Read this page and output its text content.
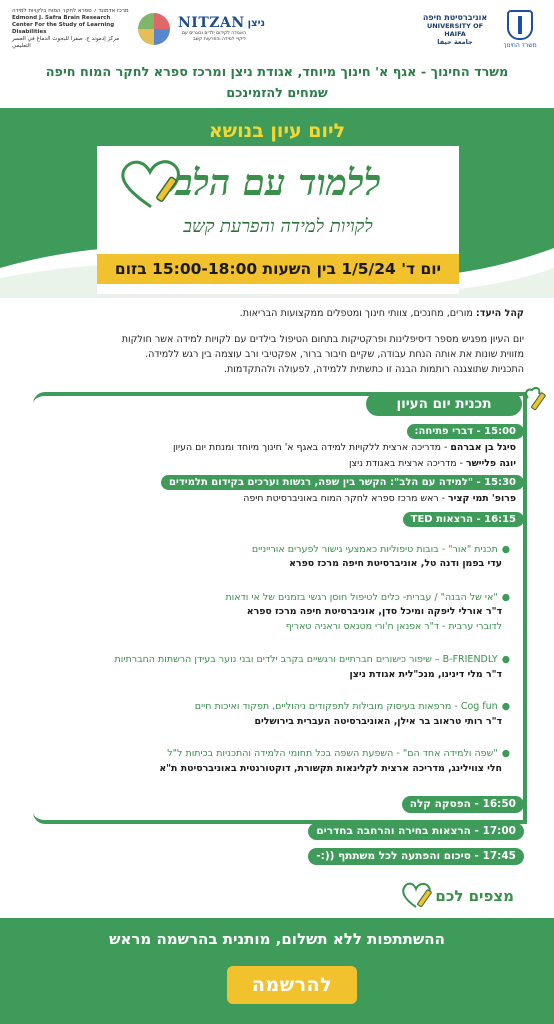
מרכז אדמונד י. ספרא לחקר המוח בלקויות למידה
Edmond J. Safra Brain Research Center For the Study of Learning Disabilities
مركز إدموند ج. صفرا للبحوث الدماغ في العسر التعليمي
NITZAN ניצן
האגודה לקידום ילדים ובוגרים עם ליקויי למידה והפרעות קשב
אוניברסיטת חיפה
UNIVERSITY OF HAIFA
جامعة حيفا	משרד החינוך
משרד החינוך - אגף א' חינוך מיוחד, אגודת ניצן ומרכז ספרא לחקר המוח חיפה
שמחים להזמינכם
ליום עיון בנושא
ללמוד עם הלב
לקויות למידה והפרעת קשב
יום ד' 1/5/24 בין השעות 15:00-18:00 בזום

קהל היעד: מורים, מחנכים, צוותי חינוך ומטפלים ממקצועות הבריאות.

יום העיון מפגיש מספר דיסיפלינות ופרקטיקות בתחום הטיפול בילדים עם לקויות למידה אשר חולקות
מזווית שונות את אותה הנחת עבודה, שקיים חיבור ברור, אפקטיבי ורב עוצמה בין רגש ללמידה.
התכניות שתוצגנה רותמות הבנה זו כתשתית ללמידה, לפעולה ולהתקדמות.
תכנית יום העיון
15:00 - דברי פתיחה:
סיגל בן אברהם - מדריכה ארצית ללקויות למידה באגף א' חינוך מיוחד ומנחת יום העיון
יונה פליישר - מדריכה ארצית באגודת ניצן
15:30 - "למידה עם הלב": הקשר בין שפה, רגשות וערכים בקידום תלמידים
פרופ' תמי קציר - ראש מרכז ספרא לחקר המוח באוניברסיטת חיפה
16:15 - הרצאות TED
●תכנית "אור" - בובות טיפוליות כאמצעי גישור לפערים אורייניים
עדי בפמן ודנה טל, אוניברסיטת חיפה מרכז ספרא
●"אי של הבנה" / עברית- כלים לטיפול חוסן רגשי בזמנים של אי ודאות
ד"ר אורלי ליפקה ומיכל סדן, אוניברסיטת חיפה מרכז ספרא
לדוברי ערבית - ד"ר אפנאן ח'ורי מטנאס וראניה טאריף
●B-FRIENDLY – שיפור כישורים חברתיים ורגשיים בקרב ילדים ובני נוער בעידן הרשתות החברתיות
ד"ר מלי דינינו, מנכ"לית אגודת ניצן
●Cog fun - מרפאות בעיסוק מובילות לתפקודים ניהוליים, תפקוד ואיכות חיים
ד"ר רותי טראוב בר אילן, האוניברסיטה העברית בירושלים
●"שפה ולמידה אחד הם" - השפעת השפה בכל תחומי הלמידה והתכניות בכיתות ל"ל
חלי צווילינג, מדריכה ארצית לקלינאות תקשורת, דוקטורנטית באוניברסיטת ת"א
16:50 - הפסקה קלה
17:00 - הרצאות בחירה והרחבה בחדרים
17:45 - סיכום והפתעה לכל משתתף ((:-
מצפים לכם
ההשתתפות ללא תשלום, מותנית בהרשמה מראש
להרשמה
